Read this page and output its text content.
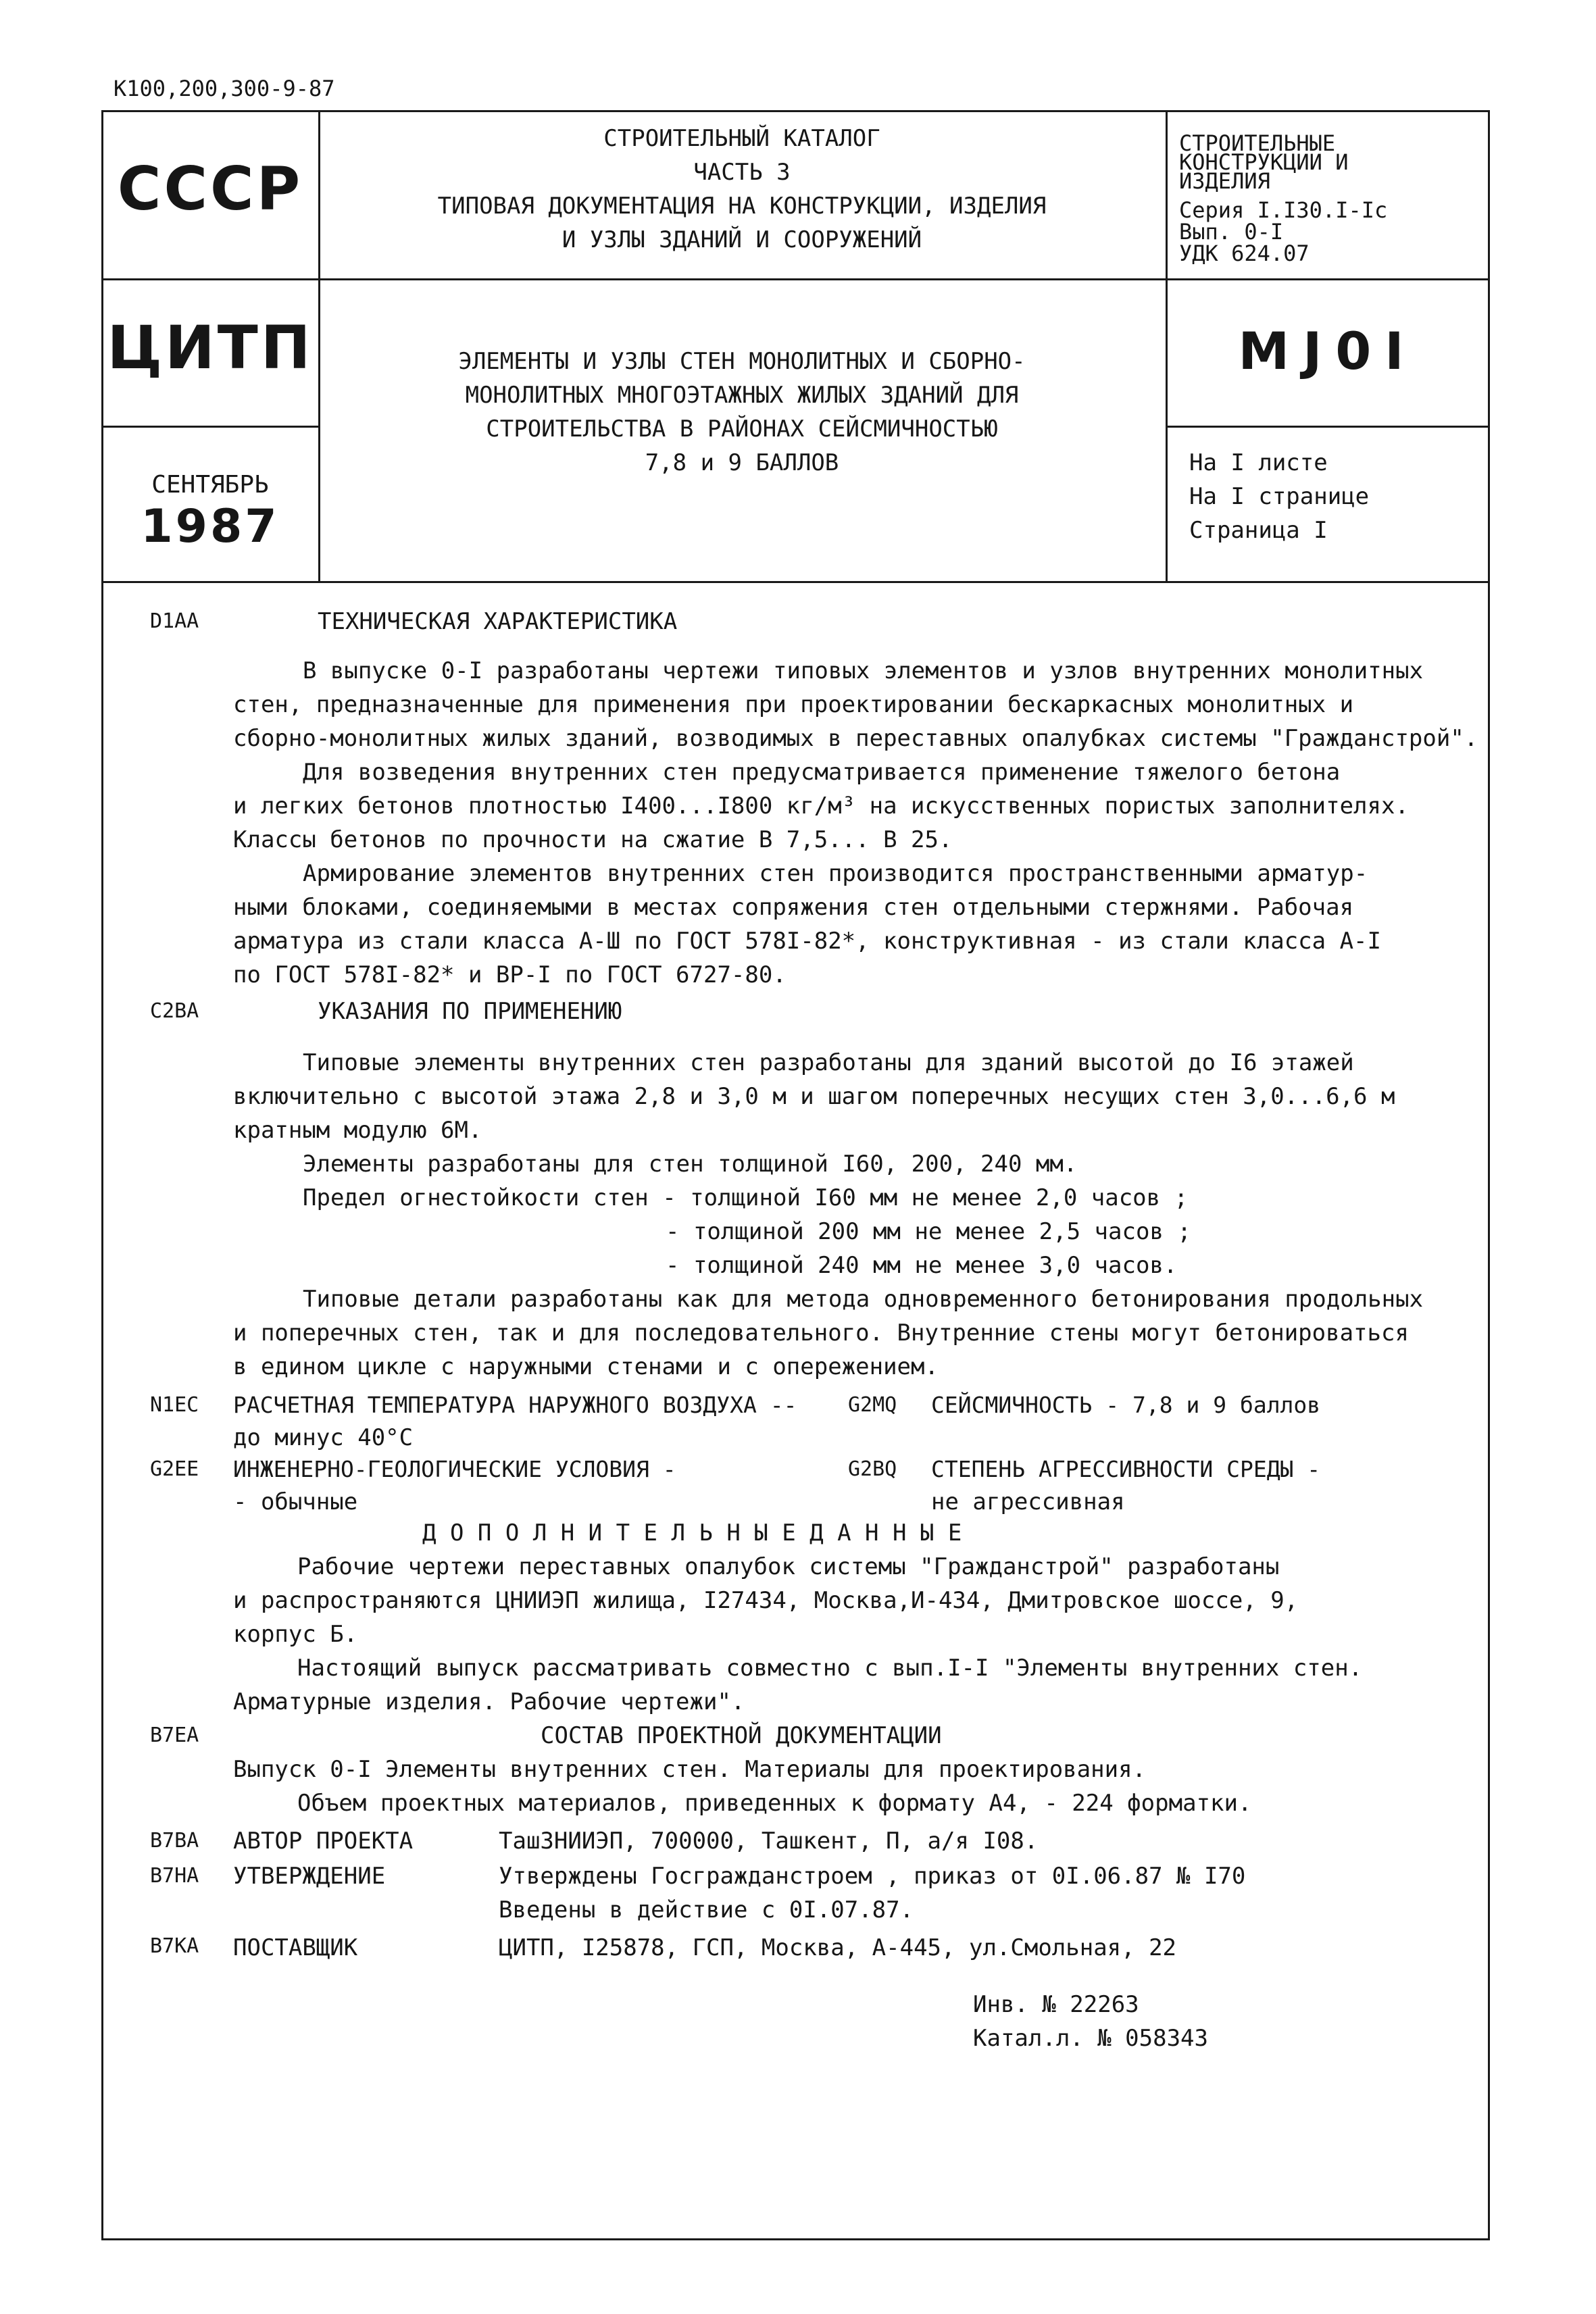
К100,200,300-9-87
СССР
ЦИТП
СЕНТЯБРЬ
1987
СТРОИТЕЛЬНЫЙ КАТАЛОГ
ЧАСТЬ 3
ТИПОВАЯ ДОКУМЕНТАЦИЯ НА КОНСТРУКЦИИ, ИЗДЕЛИЯ
И УЗЛЫ ЗДАНИЙ И СООРУЖЕНИЙ
ЭЛЕМЕНТЫ И УЗЛЫ СТЕН МОНОЛИТНЫХ И СБОРНО-
МОНОЛИТНЫХ МНОГОЭТАЖНЫХ ЖИЛЫХ ЗДАНИЙ ДЛЯ
СТРОИТЕЛЬСТВА В РАЙОНАХ СЕЙСМИЧНОСТЬЮ
7,8 и 9 БАЛЛОВ
СТРОИТЕЛЬНЫЕ
КОНСТРУКЦИИ И
ИЗДЕЛИЯ
Серия I.I30.I-Ic
Вып. 0-I
УДК 624.07
МJ0I
На I листе
На I странице
Страница I
D1AA	ТЕХНИЧЕСКАЯ ХАРАКТЕРИСТИКА
В выпуске 0-I разработаны чертежи типовых элементов и узлов внутренних монолитных
стен, предназначенные для применения при проектировании бескаркасных монолитных и
сборно-монолитных жилых зданий, возводимых в переставных опалубках системы "Гражданстрой".
Для возведения внутренних стен предусматривается применение тяжелого бетона
и легких бетонов плотностью I400...I800 кг/м³ на искусственных пористых заполнителях.
Классы бетонов по прочности на сжатие В 7,5... В 25.
Армирование элементов внутренних стен производится пространственными арматур-
ными блоками, соединяемыми в местах сопряжения стен отдельными стержнями. Рабочая
арматура из стали класса А-Ш по ГОСТ 578I-82*, конструктивная - из стали класса А-I
по ГОСТ 578I-82* и ВР-I по ГОСТ 6727-80.
C2BA	УКАЗАНИЯ ПО ПРИМЕНЕНИЮ
Типовые элементы внутренних стен разработаны для зданий высотой до I6 этажей
включительно с высотой этажа 2,8 и 3,0 м и шагом поперечных несущих стен 3,0...6,6 м
кратным модулю 6М.
Элементы разработаны для стен толщиной I60, 200, 240 мм.
Предел огнестойкости стен - толщиной I60 мм не менее 2,0 часов ;
- толщиной 200 мм не менее 2,5 часов ;
- толщиной 240 мм не менее 3,0 часов.
Типовые детали разработаны как для метода одновременного бетонирования продольных
и поперечных стен, так и для последовательного. Внутренние стены могут бетонироваться
в едином цикле с наружными стенами и с опережением.
N1EC РАСЧЕТНАЯ ТЕМПЕРАТУРА НАРУЖНОГО ВОЗДУХА --
до минус 40°С
G2MQ СЕЙСМИЧНОСТЬ - 7,8 и 9 баллов
G2EE ИНЖЕНЕРНО-ГЕОЛОГИЧЕСКИЕ УСЛОВИЯ -
- обычные
G2BQ СТЕПЕНЬ АГРЕССИВНОСТИ СРЕДЫ -
не агрессивная
Д О П О Л Н И Т Е Л Ь Н Ы Е Д А Н Н Ы Е
Рабочие чертежи переставных опалубок системы "Гражданстрой" разработаны
и распространяются ЦНИИЭП жилища, I27434, Москва,И-434, Дмитровское шоссе, 9,
корпус Б.
Настоящий выпуск рассматривать совместно с вып.I-I "Элементы внутренних стен.
Арматурные изделия. Рабочие чертежи".
B7EA	СОСТАВ ПРОЕКТНОЙ ДОКУМЕНТАЦИИ
Выпуск 0-I Элементы внутренних стен. Материалы для проектирования.
Объем проектных материалов, приведенных к формату А4, - 224 форматки.
B7BA АВТОР ПРОЕКТА	ТашЗНИИЭП, 700000, Ташкент, П, а/я I08.
B7HA УТВЕРЖДЕНИЕ	Утверждены Госгражданстроем , приказ от 0I.06.87 № I70
Введены в действие с 0I.07.87.
B7KA ПОСТАВЩИК	ЦИТП, I25878, ГСП, Москва, А-445, ул.Смольная, 22
Инв. № 22263
Катал.л. № 058343
